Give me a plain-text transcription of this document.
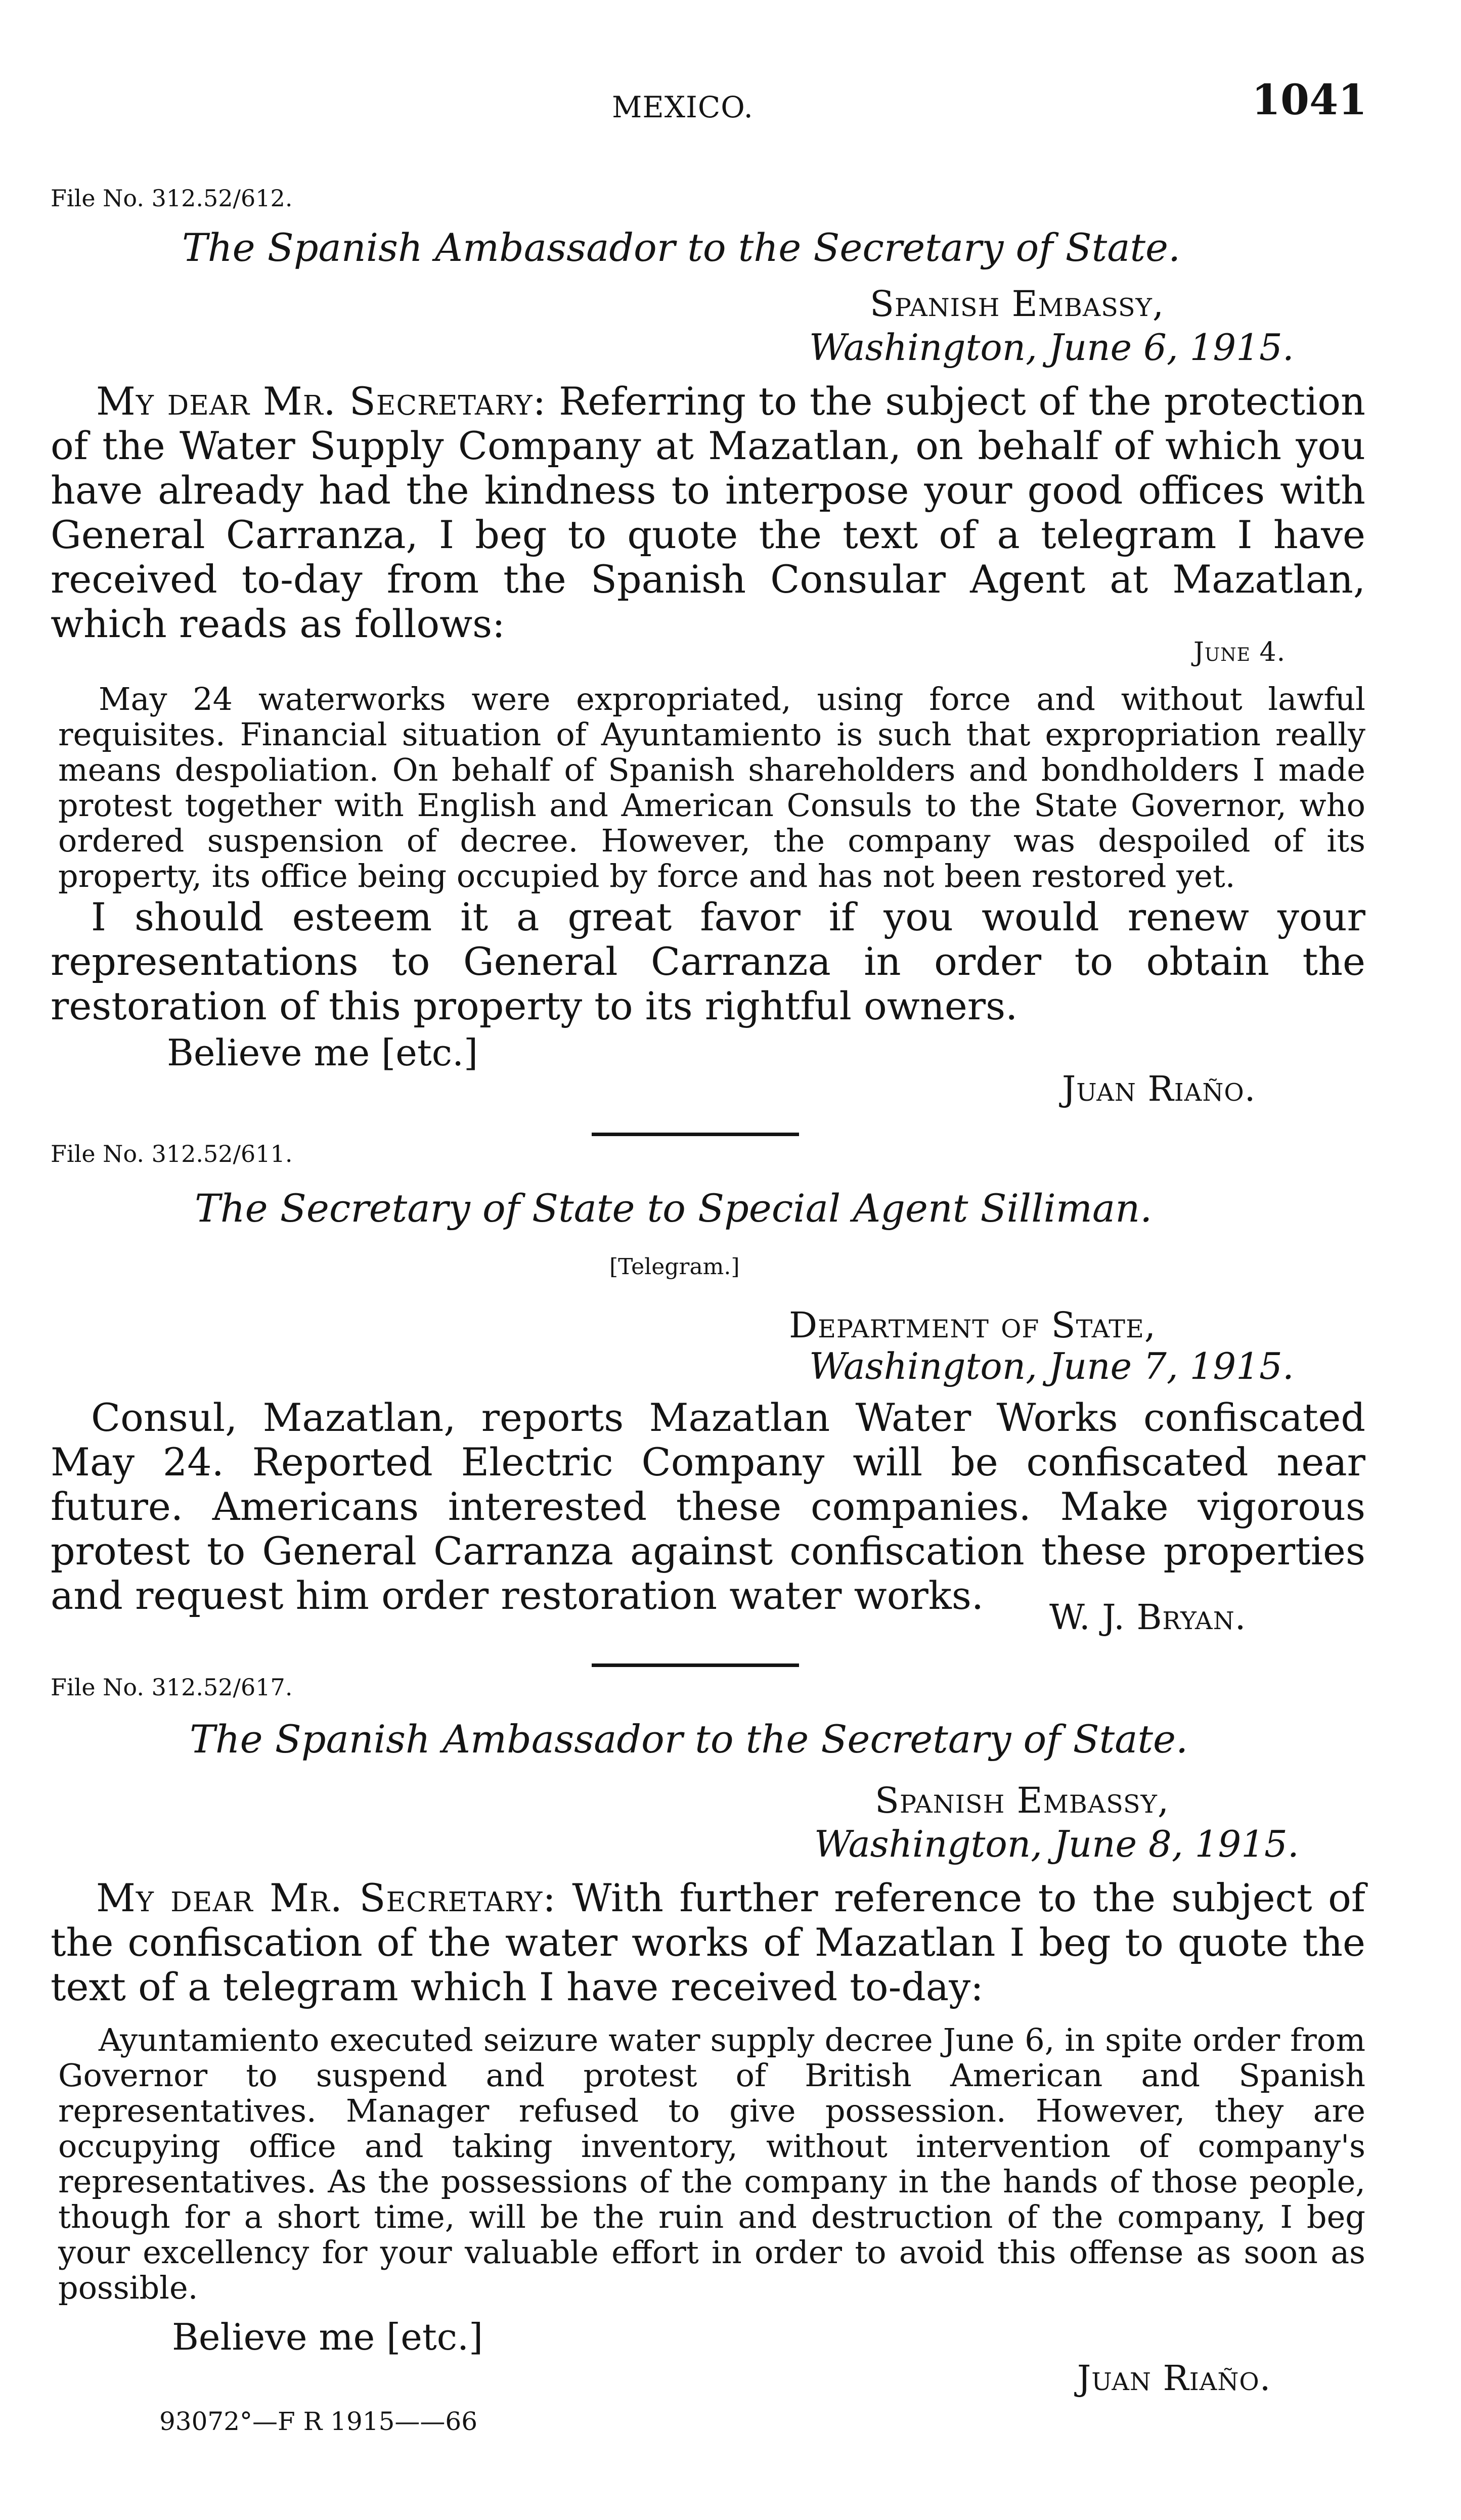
MEXICO.	1041
File No. 312.52/612.
The Spanish Ambassador to the Secretary of State.
Spanish Embassy,
Washington, June 6, 1915.
My dear Mr. Secretary: Referring to the subject of the protection of the Water Supply Company at Mazatlan, on behalf of which you have already had the kindness to interpose your good offices with General Carranza, I beg to quote the text of a telegram I have received to-day from the Spanish Consular Agent at Mazatlan, which reads as follows:
June 4.
May 24 waterworks were expropriated, using force and without lawful requisites. Financial situation of Ayuntamiento is such that expropriation really means despoliation. On behalf of Spanish shareholders and bondholders I made protest together with English and American Consuls to the State Governor, who ordered suspension of decree. However, the company was despoiled of its property, its office being occupied by force and has not been restored yet.
I should esteem it a great favor if you would renew your representations to General Carranza in order to obtain the restoration of this property to its rightful owners.
Believe me [etc.]
Juan Riaño.
File No. 312.52/611.
The Secretary of State to Special Agent Silliman.
[Telegram.]
Department of State,
Washington, June 7, 1915.
Consul, Mazatlan, reports Mazatlan Water Works confiscated May 24. Reported Electric Company will be confiscated near future. Americans interested these companies. Make vigorous protest to General Carranza against confiscation these properties and request him order restoration water works.	W. J. Bryan.
File No. 312.52/617.
The Spanish Ambassador to the Secretary of State.
Spanish Embassy,
Washington, June 8, 1915.
My dear Mr. Secretary: With further reference to the subject of the confiscation of the water works of Mazatlan I beg to quote the text of a telegram which I have received to-day:
Ayuntamiento executed seizure water supply decree June 6, in spite order from Governor to suspend and protest of British American and Spanish representatives. Manager refused to give possession. However, they are occupying office and taking inventory, without intervention of company's representatives. As the possessions of the company in the hands of those people, though for a short time, will be the ruin and destruction of the company, I beg your excellency for your valuable effort in order to avoid this offense as soon as possible.
Believe me [etc.]
Juan Riaño.
93072°—F R 1915——66
